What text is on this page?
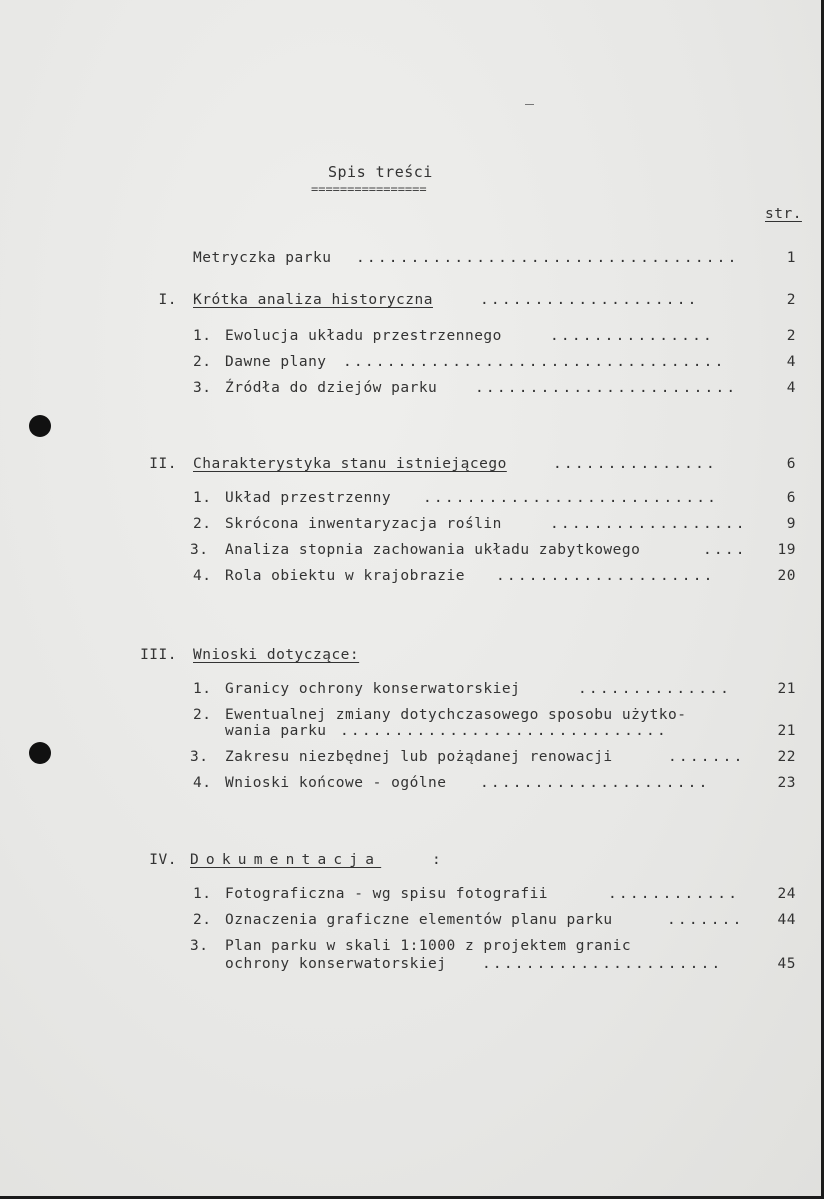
Spis treści
================
str.
Metryczka parku ...................................	1
I. Krótka analiza historyczna	....................	2
1. Ewolucja układu przestrzennego	...............	2
2. Dawne plany ...................................	4
3. Źródła do dziejów parku	........................	4
II. Charakterystyka stanu istniejącego	...............	6
1. Układ przestrzenny ...........................	6
2. Skrócona inwentaryzacja roślin	..................	9
3. Analiza stopnia zachowania układu zabytkowego	....	19
4. Rola obiektu w krajobrazie ....................	20
III. Wnioski dotyczące:
1. Granicy ochrony konserwatorskiej	..............	21
2. Ewentualnej zmiany dotychczasowego sposobu użytko-
wania parku ..............................	21
3. Zakresu niezbędnej lub pożądanej renowacji	.......	22
4. Wnioski końcowe - ogólne .....................	23
IV. Dokumentacja	:
1. Fotograficzna - wg spisu fotografii	............	24
2. Oznaczenia graficzne elementów planu parku	.......	44
3. Plan parku w skali 1:1000 z projektem granic
ochrony konserwatorskiej ......................	45
